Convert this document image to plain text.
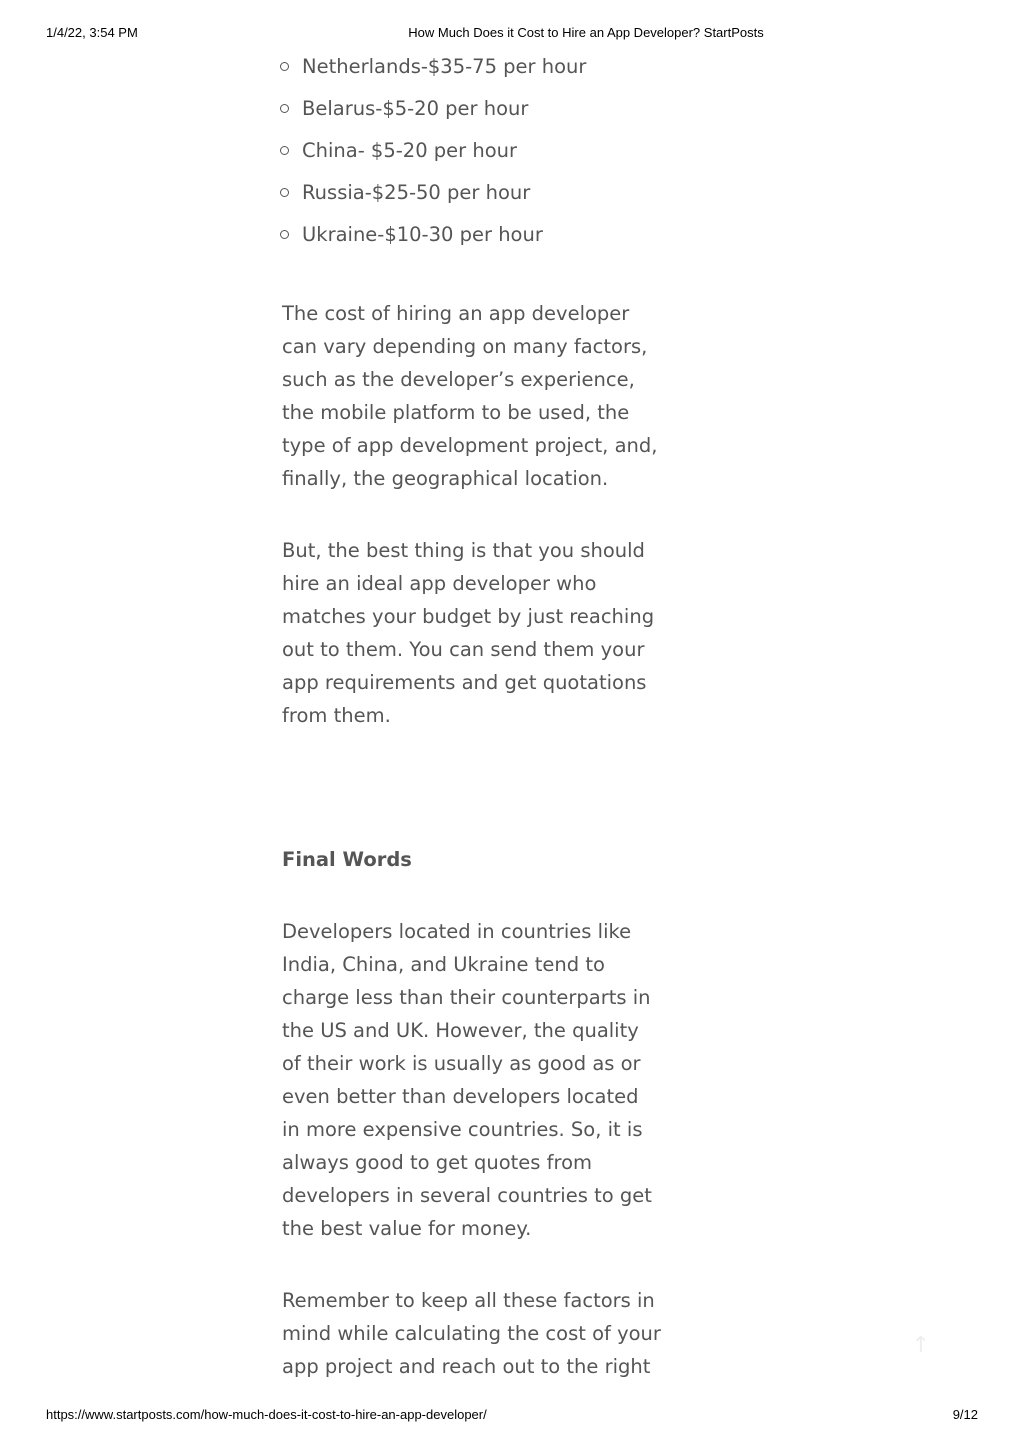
1/4/22, 3:54 PM	How Much Does it Cost to Hire an App Developer? StartPosts
Netherlands-$35-75 per hour
Belarus-$5-20 per hour
China- $5-20 per hour
Russia-$25-50 per hour
Ukraine-$10-30 per hour

The cost of hiring an app developer can vary depending on many factors, such as the developer’s experience, the mobile platform to be used, the type of app development project, and, finally, the geographical location.

But, the best thing is that you should hire an ideal app developer who matches your budget by just reaching out to them. You can send them your app requirements and get quotations from them.

Final Words

Developers located in countries like India, China, and Ukraine tend to charge less than their counterparts in the US and UK. However, the quality of their work is usually as good as or even better than developers located in more expensive countries. So, it is always good to get quotes from developers in several countries to get the best value for money.

Remember to keep all these factors in mind while calculating the cost of your app project and reach out to the right

↑
https://www.startposts.com/how-much-does-it-cost-to-hire-an-app-developer/	9/12
